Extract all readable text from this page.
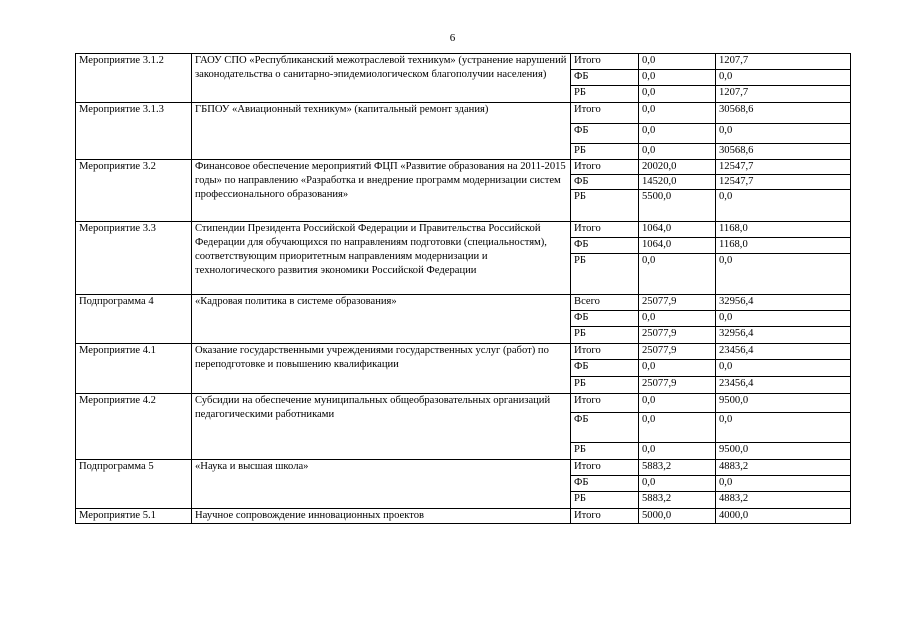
6
Мероприятие 3.1.2	ГАОУ СПО «Республиканский межотраслевой техникум» (устранение нарушений законодательства о санитарно-эпидемиологическом благополучии населения)	Итого	0,0	1207,7
		ФБ	0,0	0,0
		РБ	0,0	1207,7
Мероприятие 3.1.3	ГБПОУ «Авиационный техникум» (капитальный ремонт здания)	Итого	0,0	30568,6
		ФБ	0,0	0,0
		РБ	0,0	30568,6
Мероприятие 3.2	Финансовое обеспечение мероприятий ФЦП «Развитие образования на 2011-2015 годы» по направлению «Разработка и внедрение программ модернизации систем профессионального образования»	Итого	20020,0	12547,7
		ФБ	14520,0	12547,7
		РБ	5500,0	0,0
Мероприятие 3.3	Стипендии Президента Российской Федерации и Правительства Российской Федерации для обучающихся по направлениям подготовки (специальностям), соответствующим приоритетным направлениям модернизации и технологического развития экономики Российской Федерации	Итого	1064,0	1168,0
		ФБ	1064,0	1168,0
		РБ	0,0	0,0
Подпрограмма 4	«Кадровая политика в системе образования»	Всего	25077,9	32956,4
		ФБ	0,0	0,0
		РБ	25077,9	32956,4
Мероприятие 4.1	Оказание государственными учреждениями государственных услуг (работ) по переподготовке и повышению квалификации	Итого	25077,9	23456,4
		ФБ	0,0	0,0
		РБ	25077,9	23456,4
Мероприятие 4.2	Субсидии на обеспечение муниципальных общеобразовательных организаций педагогическими работниками	Итого	0,0	9500,0
		ФБ	0,0	0,0
		РБ	0,0	9500,0
Подпрограмма 5	«Наука и высшая школа»	Итого	5883,2	4883,2
		ФБ	0,0	0,0
		РБ	5883,2	4883,2
Мероприятие 5.1	Научное сопровождение инновационных проектов	Итого	5000,0	4000,0
